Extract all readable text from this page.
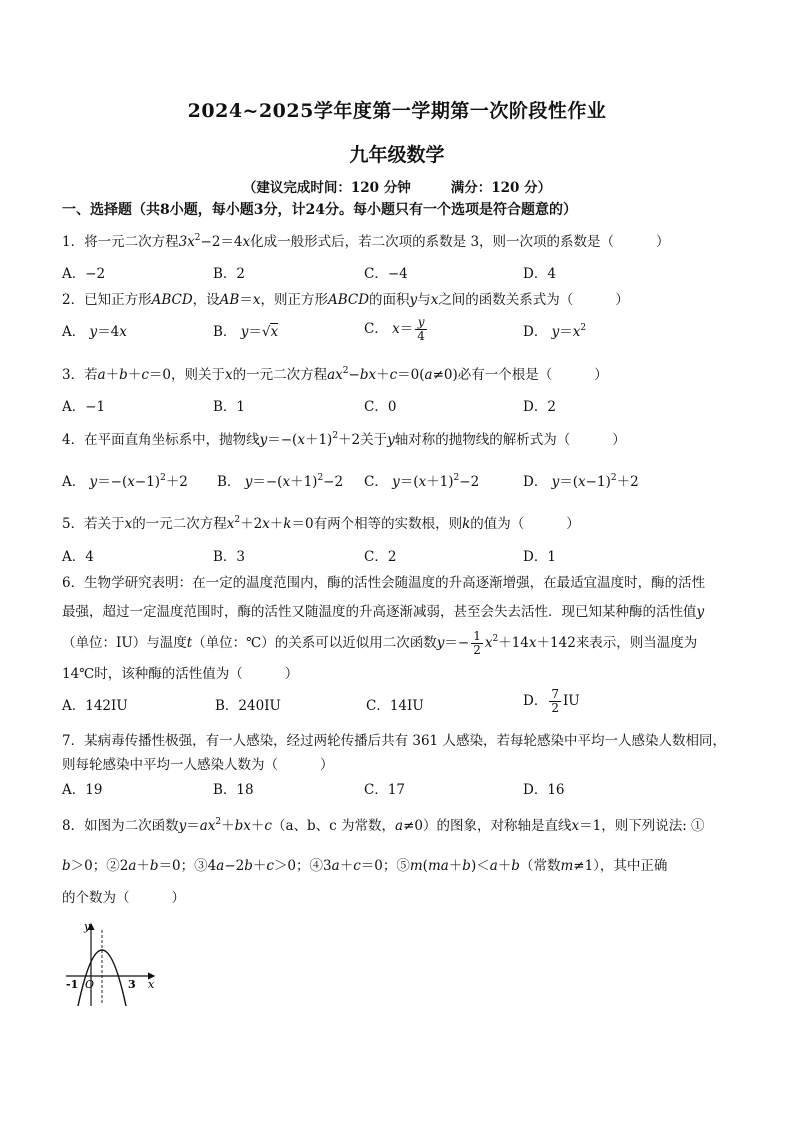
2024~2025学年度第一学期第一次阶段性作业
九年级数学
（建议完成时间：120 分钟	满分：120 分）
一、选择题（共8小题，每小题3分，计24分。每小题只有一个选项是符合题意的）
1．将一元二次方程$3x^2-2=4x$化成一般形式后，若二次项的系数是 3，则一次项的系数是（	）
A．−2	B．2	C．−4	D．4
2．已知正方形ABCD，设AB＝x，则正方形ABCD的面积y与x之间的函数关系式为（	）
A． y＝4x	B． y＝√x	C． $x= \frac{y}{4}$	D． $y=x^2$
3．若a＋b＋c＝0，则关于x的一元二次方程$ax^2-bx+c=0(a\ne 0)$必有一个根是（	）
A．−1	B．1	C．0	D．2
4．在平面直角坐标系中，抛物线$y=-(x+1)^2+2$关于y轴对称的抛物线的解析式为（	）
A． $y=-(x-1)^2+2$ B． $y=-(x+1)^2-2$ C． $y=(x+1)^2-2$	D． $y=(x-1)^2+2$
5．若关于x的一元二次方程$x^2+2x+k=0$有两个相等的实数根，则k的值为（	）
A．4	B．3	C．2	D．1
6．生物学研究表明：在一定的温度范围内，酶的活性会随温度的升高逐渐增强，在最适宜温度时，酶的活性
最强，超过一定温度范围时，酶的活性又随温度的升高逐渐减弱，甚至会失去活性．现已知某种酶的活性值y
（单位：IU）与温度t（单位：℃）的关系可以近似用二次函数$y=- \frac{1}{2} x^2+14x+142$来表示，则当温度为
14℃时，该种酶的活性值为（	）
A．142IU	B．240IU	C．14IU	D． $\frac{7}{2}$ IU
7．某病毒传播性极强，有一人感染，经过两轮传播后共有 361 人感染，若每轮感染中平均一人感染人数相同，
则每轮感染中平均一人感染人数为（	）
A．19	B．18	C．17	D．16
8．如图为二次函数$y=ax^2+bx+c(a$、b、c 为常数，a≠0）的图象，对称轴是直线x＝1，则下列说法: ①
b＞0；②2a＋b＝0；③4a−2b＋c＞0；④3a＋c＝0；⑤m(ma＋b)＜a＋b（常数m≠1），其中正确
的个数为（	）
y
x
-1 O	3
